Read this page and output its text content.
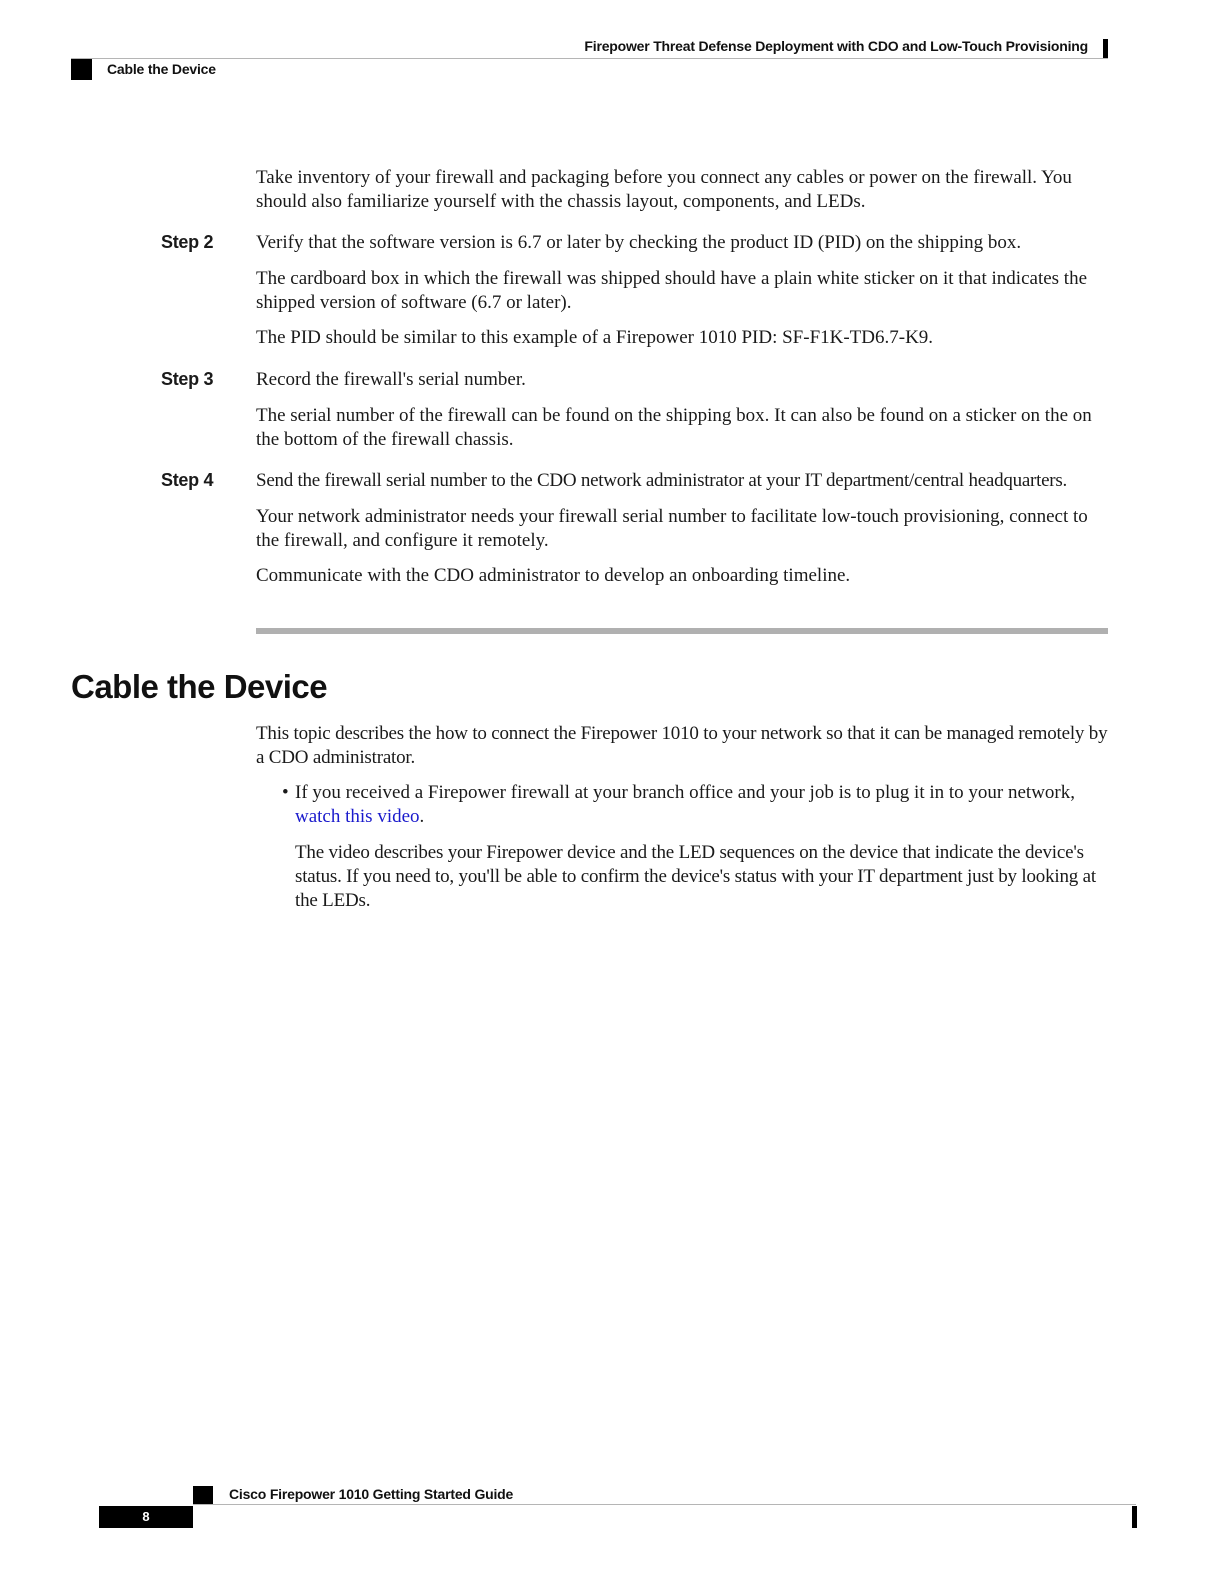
Firepower Threat Defense Deployment with CDO and Low-Touch Provisioning
Cable the Device

Take inventory of your firewall and packaging before you connect any cables or power on the firewall. You should also familiarize yourself with the chassis layout, components, and LEDs.

Step 2 Verify that the software version is 6.7 or later by checking the product ID (PID) on the shipping box.

The cardboard box in which the firewall was shipped should have a plain white sticker on it that indicates the shipped version of software (6.7 or later).

The PID should be similar to this example of a Firepower 1010 PID: SF-F1K-TD6.7-K9.

Step 3 Record the firewall's serial number.

The serial number of the firewall can be found on the shipping box. It can also be found on a sticker on the on the bottom of the firewall chassis.

Step 4 Send the firewall serial number to the CDO network administrator at your IT department/central headquarters.

Your network administrator needs your firewall serial number to facilitate low-touch provisioning, connect to the firewall, and configure it remotely.

Communicate with the CDO administrator to develop an onboarding timeline.

Cable the Device

This topic describes the how to connect the Firepower 1010 to your network so that it can be managed remotely by a CDO administrator.

• If you received a Firepower firewall at your branch office and your job is to plug it in to your network, watch this video.

The video describes your Firepower device and the LED sequences on the device that indicate the device's status. If you need to, you'll be able to confirm the device's status with your IT department just by looking at the LEDs.

Cisco Firepower 1010 Getting Started Guide
8
